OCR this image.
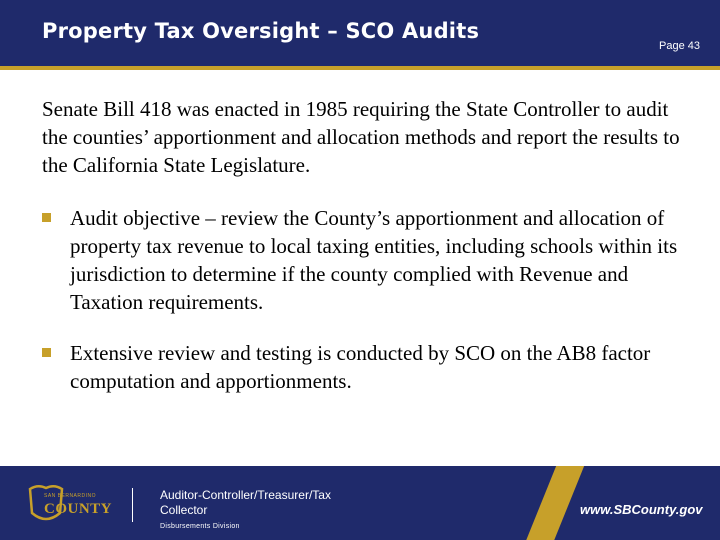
Property Tax Oversight – SCO Audits
Page 43

Senate Bill 418 was enacted in 1985 requiring the State Controller to audit the counties’ apportionment and allocation methods and report the results to the California State Legislature.

Audit objective – review the County’s apportionment and allocation of property tax revenue to local taxing entities, including schools within its jurisdiction to determine if the county complied with Revenue and Taxation requirements.
Extensive review and testing is conducted by SCO on the AB8 factor computation and apportionments.
SAN BERNARDINO
COUNTY
Auditor-Controller/Treasurer/Tax Collector
Disbursements Division
www.SBCounty.gov
